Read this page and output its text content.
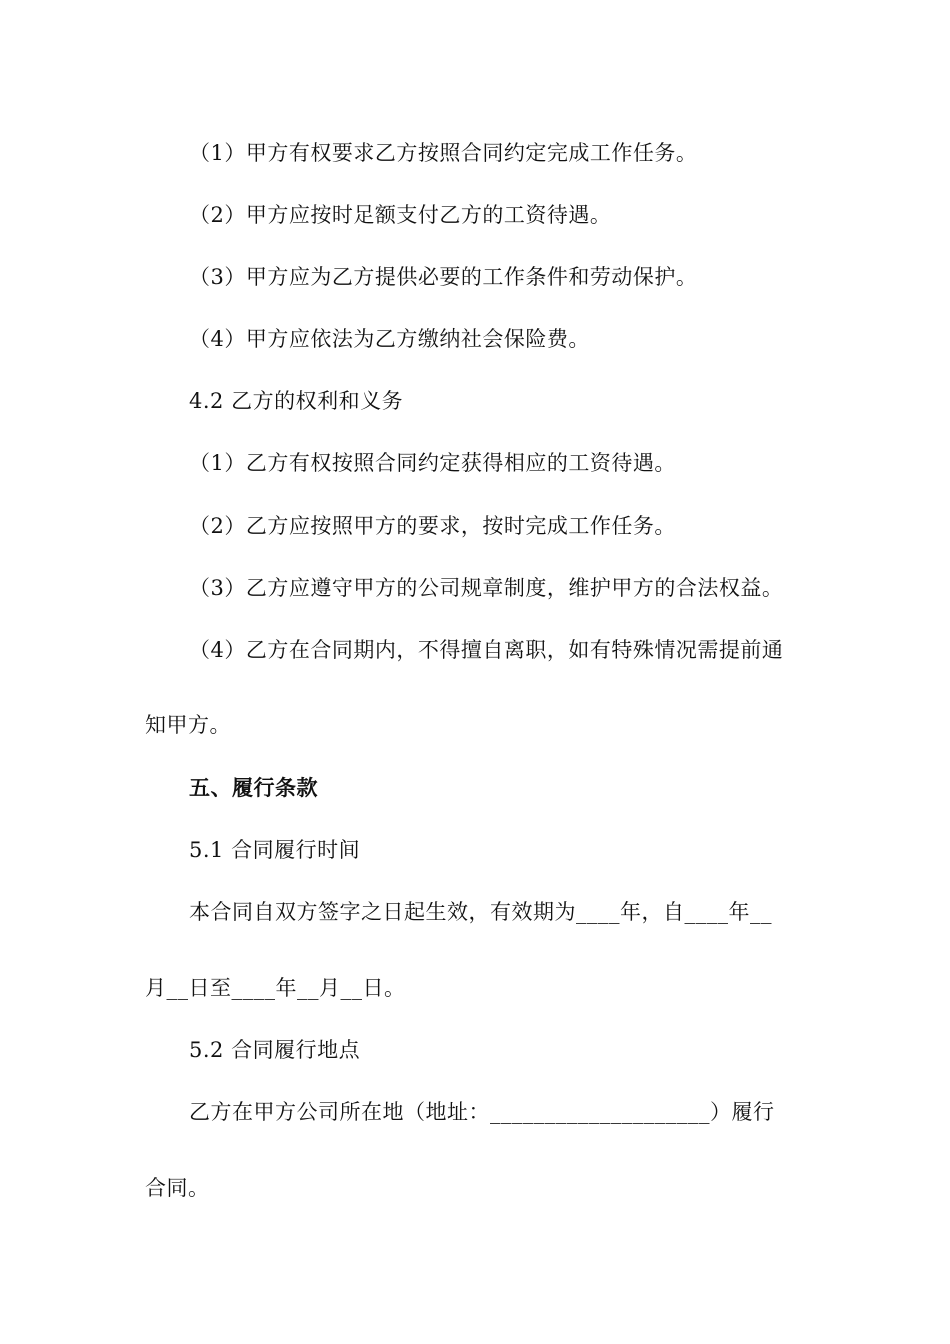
（1）甲方有权要求乙方按照合同约定完成工作任务。
（2）甲方应按时足额支付乙方的工资待遇。
（3）甲方应为乙方提供必要的工作条件和劳动保护。
（4）甲方应依法为乙方缴纳社会保险费。
4.2 乙方的权利和义务
（1）乙方有权按照合同约定获得相应的工资待遇。
（2）乙方应按照甲方的要求，按时完成工作任务。
（3）乙方应遵守甲方的公司规章制度，维护甲方的合法权益。
（4）乙方在合同期内，不得擅自离职，如有特殊情况需提前通
知甲方。
五、履行条款
5.1 合同履行时间
本合同自双方签字之日起生效，有效期为____年，自____年__
月__日至____年__月__日。
5.2 合同履行地点
乙方在甲方公司所在地（地址：____________________）履行
合同。
